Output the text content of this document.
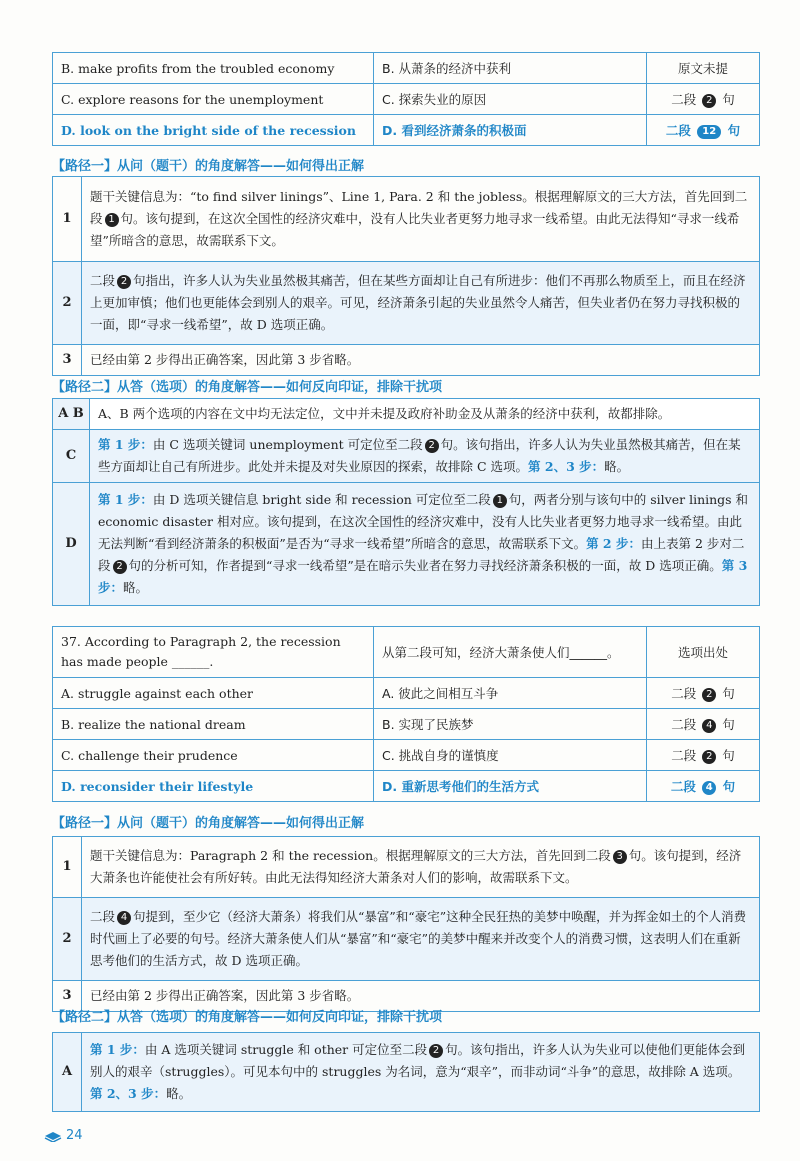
B. make profits from the troubled economy	B. 从萧条的经济中获利	原文未提
C. explore reasons for the unemployment	C. 探索失业的原因	二段 2 句
D. look on the bright side of the recession	D. 看到经济萧条的积极面	二段 12 句
【路径一】从问（题干）的角度解答——如何得出正解
1	题干关键信息为：“to find silver linings”、Line 1, Para. 2 和 the jobless。根据理解原文的三大方法，首先回到二段 1 句。该句提到，在这次全国性的经济灾难中，没有人比失业者更努力地寻求一线希望。由此无法得知“寻求一线希望”所暗含的意思，故需联系下文。
2	二段 2 句指出，许多人认为失业虽然极其痛苦，但在某些方面却让自己有所进步：他们不再那么物质至上，而且在经济上更加审慎；他们也更能体会到别人的艰辛。可见，经济萧条引起的失业虽然令人痛苦，但失业者仍在努力寻找积极的一面，即“寻求一线希望”，故 D 选项正确。
3	已经由第 2 步得出正确答案，因此第 3 步省略。
【路径二】从答（选项）的角度解答——如何反向印证，排除干扰项
A B	A、B 两个选项的内容在文中均无法定位，文中并未提及政府补助金及从萧条的经济中获利，故都排除。
C	第 1 步：由 C 选项关键词 unemployment 可定位至二段 2 句。该句指出，许多人认为失业虽然极其痛苦，但在某些方面却让自己有所进步。此处并未提及对失业原因的探索，故排除 C 选项。第 2、3 步：略。
D	第 1 步：由 D 选项关键信息 bright side 和 recession 可定位至二段 1 句，两者分别与该句中的 silver linings 和 economic disaster 相对应。该句提到，在这次全国性的经济灾难中，没有人比失业者更努力地寻求一线希望。由此无法判断“看到经济萧条的积极面”是否为“寻求一线希望”所暗含的意思，故需联系下文。第 2 步：由上表第 2 步对二段 2 句的分析可知，作者提到“寻求一线希望”是在暗示失业者在努力寻找经济萧条积极的一面，故 D 选项正确。第 3 步：略。
37. According to Paragraph 2, the recession has made people ______.	从第二段可知，经济大萧条使人们______。	选项出处
A. struggle against each other	A. 彼此之间相互斗争	二段 2 句
B. realize the national dream	B. 实现了民族梦	二段 4 句
C. challenge their prudence	C. 挑战自身的谨慎度	二段 2 句
D. reconsider their lifestyle	D. 重新思考他们的生活方式	二段 4 句
【路径一】从问（题干）的角度解答——如何得出正解
1	题干关键信息为：Paragraph 2 和 the recession。根据理解原文的三大方法，首先回到二段 3 句。该句提到，经济大萧条也许能使社会有所好转。由此无法得知经济大萧条对人们的影响，故需联系下文。
2	二段 4 句提到，至少它（经济大萧条）将我们从“暴富”和“豪宅”这种全民狂热的美梦中唤醒，并为挥金如土的个人消费时代画上了必要的句号。经济大萧条使人们从“暴富”和“豪宅”的美梦中醒来并改变个人的消费习惯，这表明人们在重新思考他们的生活方式，故 D 选项正确。
3	已经由第 2 步得出正确答案，因此第 3 步省略。
【路径二】从答（选项）的角度解答——如何反向印证，排除干扰项
A	第 1 步：由 A 选项关键词 struggle 和 other 可定位至二段 2 句。该句指出，许多人认为失业可以使他们更能体会到别人的艰辛（struggles）。可见本句中的 struggles 为名词，意为“艰辛”，而非动词“斗争”的意思，故排除 A 选项。第 2、3 步：略。
24
